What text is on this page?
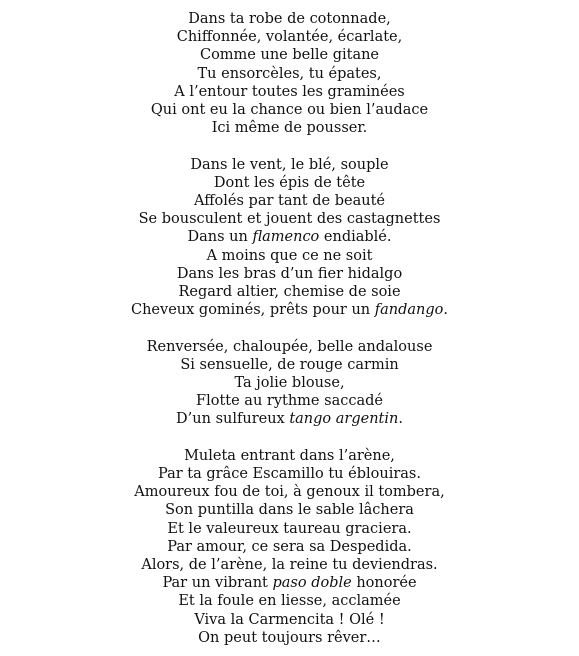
Dans ta robe de cotonnade,
Chiffonnée, volantée, écarlate,
Comme une belle gitane
Tu ensorcèles, tu épates,
A l’entour toutes les graminées
Qui ont eu la chance ou bien l’audace
Ici même de pousser.
Dans le vent, le blé, souple
Dont les épis de tête
Affolés par tant de beauté
Se bousculent et jouent des castagnettes
Dans un flamenco endiablé.
A moins que ce ne soit
Dans les bras d’un fier hidalgo
Regard altier, chemise de soie
Cheveux gominés, prêts pour un fandango.
Renversée, chaloupée, belle andalouse
Si sensuelle, de rouge carmin
Ta jolie blouse,
Flotte au rythme saccadé
D’un sulfureux tango argentin.
Muleta entrant dans l’arène,
Par ta grâce Escamillo tu éblouiras.
Amoureux fou de toi, à genoux il tombera,
Son puntilla dans le sable lâchera
Et le valeureux taureau graciera.
Par amour, ce sera sa Despedida.
Alors, de l’arène, la reine tu deviendras.
Par un vibrant paso doble honorée
Et la foule en liesse, acclamée
Viva la Carmencita ! Olé !
On peut toujours rêver…
